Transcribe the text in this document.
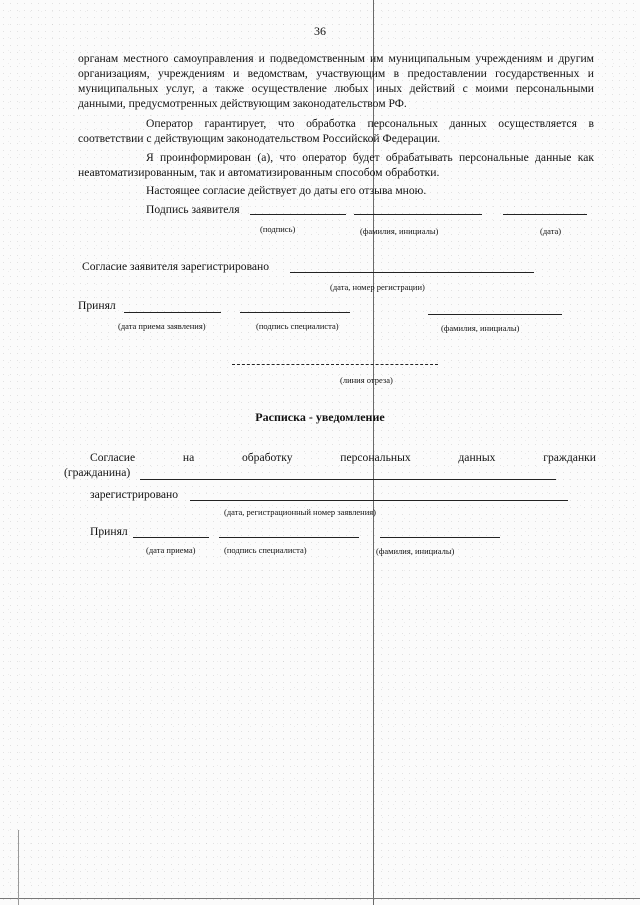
36

органам местного самоуправления и подведомственным им муниципальным учреждениям и другим организациям, учреждениям и ведомствам, участвующим в предоставлении государственных и муниципальных услуг, а также осуществление любых иных действий с моими персональными данными, предусмотренных действующим законодательством РФ.

Оператор гарантирует, что обработка персональных данных осуществляется в соответствии с действующим законодательством Российской Федерации.

Я проинформирован (а), что оператор будет обрабатывать персональные данные как неавтоматизированным, так и автоматизированным способом обработки.

Настоящее согласие действует до даты его отзыва мною.

Подпись заявителя
(подпись)	(фамилия, инициалы)	(дата)
Согласие заявителя зарегистрировано
(дата, номер регистрации)
Принял
(дата приема заявления)	(подпись специалиста)	(фамилия, инициалы)
(линия отреза)
Расписка - уведомление
Согласие	на	обработку	персональных	данных	гражданки
(гражданина)
зарегистрировано
(дата, регистрационный номер заявления)
Принял
(дата приема)	(подпись специалиста)	(фамилия, инициалы)
